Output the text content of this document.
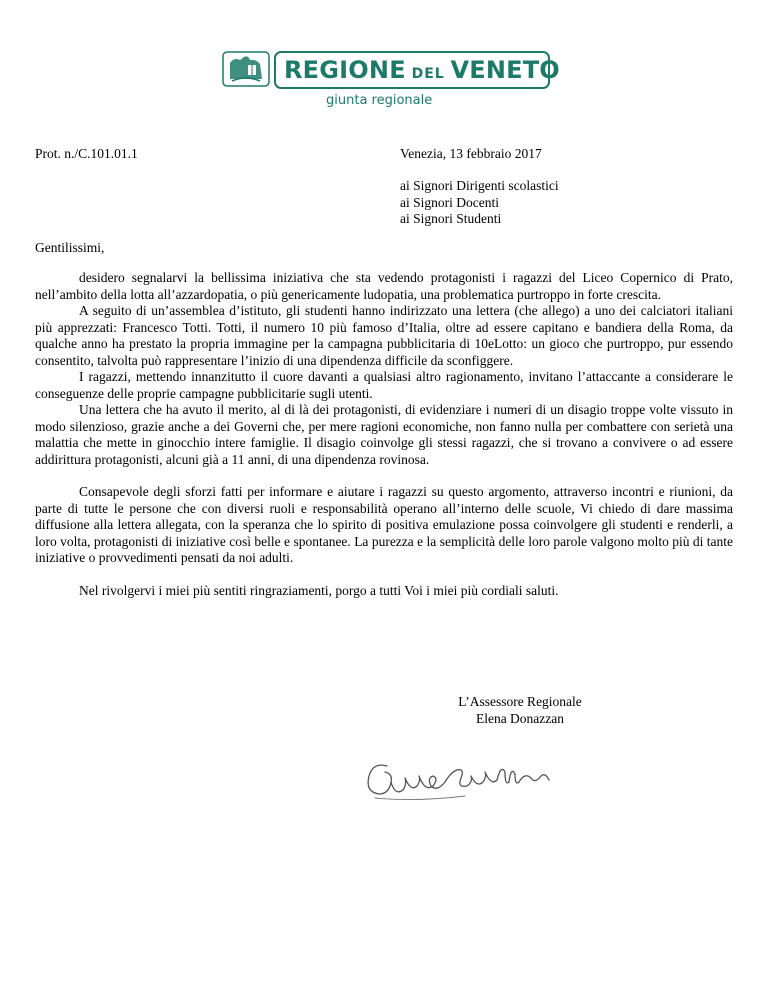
REGIONE DEL VENETO
giunta regionale
Prot. n./C.101.01.1	Venezia, 13 febbraio 2017
ai Signori Dirigenti scolastici
ai Signori Docenti
ai Signori Studenti
Gentilissimi,

desidero segnalarvi la bellissima iniziativa che sta vedendo protagonisti i ragazzi del Liceo Copernico di Prato, nell’ambito della lotta all’azzardopatia, o più genericamente ludopatia, una problematica purtroppo in forte crescita.

A seguito di un’assemblea d’istituto, gli studenti hanno indirizzato una lettera (che allego) a uno dei calciatori italiani più apprezzati: Francesco Totti. Totti, il numero 10 più famoso d’Italia, oltre ad essere capitano e bandiera della Roma, da qualche anno ha prestato la propria immagine per la campagna pubblicitaria di 10eLotto: un gioco che purtroppo, pur essendo consentito, talvolta può rappresentare l’inizio di una dipendenza difficile da sconfiggere.

I ragazzi, mettendo innanzitutto il cuore davanti a qualsiasi altro ragionamento, invitano l’attaccante a considerare le conseguenze delle proprie campagne pubblicitarie sugli utenti.

Una lettera che ha avuto il merito, al di là dei protagonisti, di evidenziare i numeri di un disagio troppe volte vissuto in modo silenzioso, grazie anche a dei Governi che, per mere ragioni economiche, non fanno nulla per combattere con serietà una malattia che mette in ginocchio intere famiglie. Il disagio coinvolge gli stessi ragazzi, che si trovano a convivere o ad essere addirittura protagonisti, alcuni già a 11 anni, di una dipendenza rovinosa.

Consapevole degli sforzi fatti per informare e aiutare i ragazzi su questo argomento, attraverso incontri e riunioni, da parte di tutte le persone che con diversi ruoli e responsabilità operano all’interno delle scuole, Vi chiedo di dare massima diffusione alla lettera allegata, con la speranza che lo spirito di positiva emulazione possa coinvolgere gli studenti e renderli, a loro volta, protagonisti di iniziative così belle e spontanee. La purezza e la semplicità delle loro parole valgono molto più di tante iniziative o provvedimenti pensati da noi adulti.

Nel rivolgervi i miei più sentiti ringraziamenti, porgo a tutti Voi i miei più cordiali saluti.

L’Assessore Regionale
Elena Donazzan
